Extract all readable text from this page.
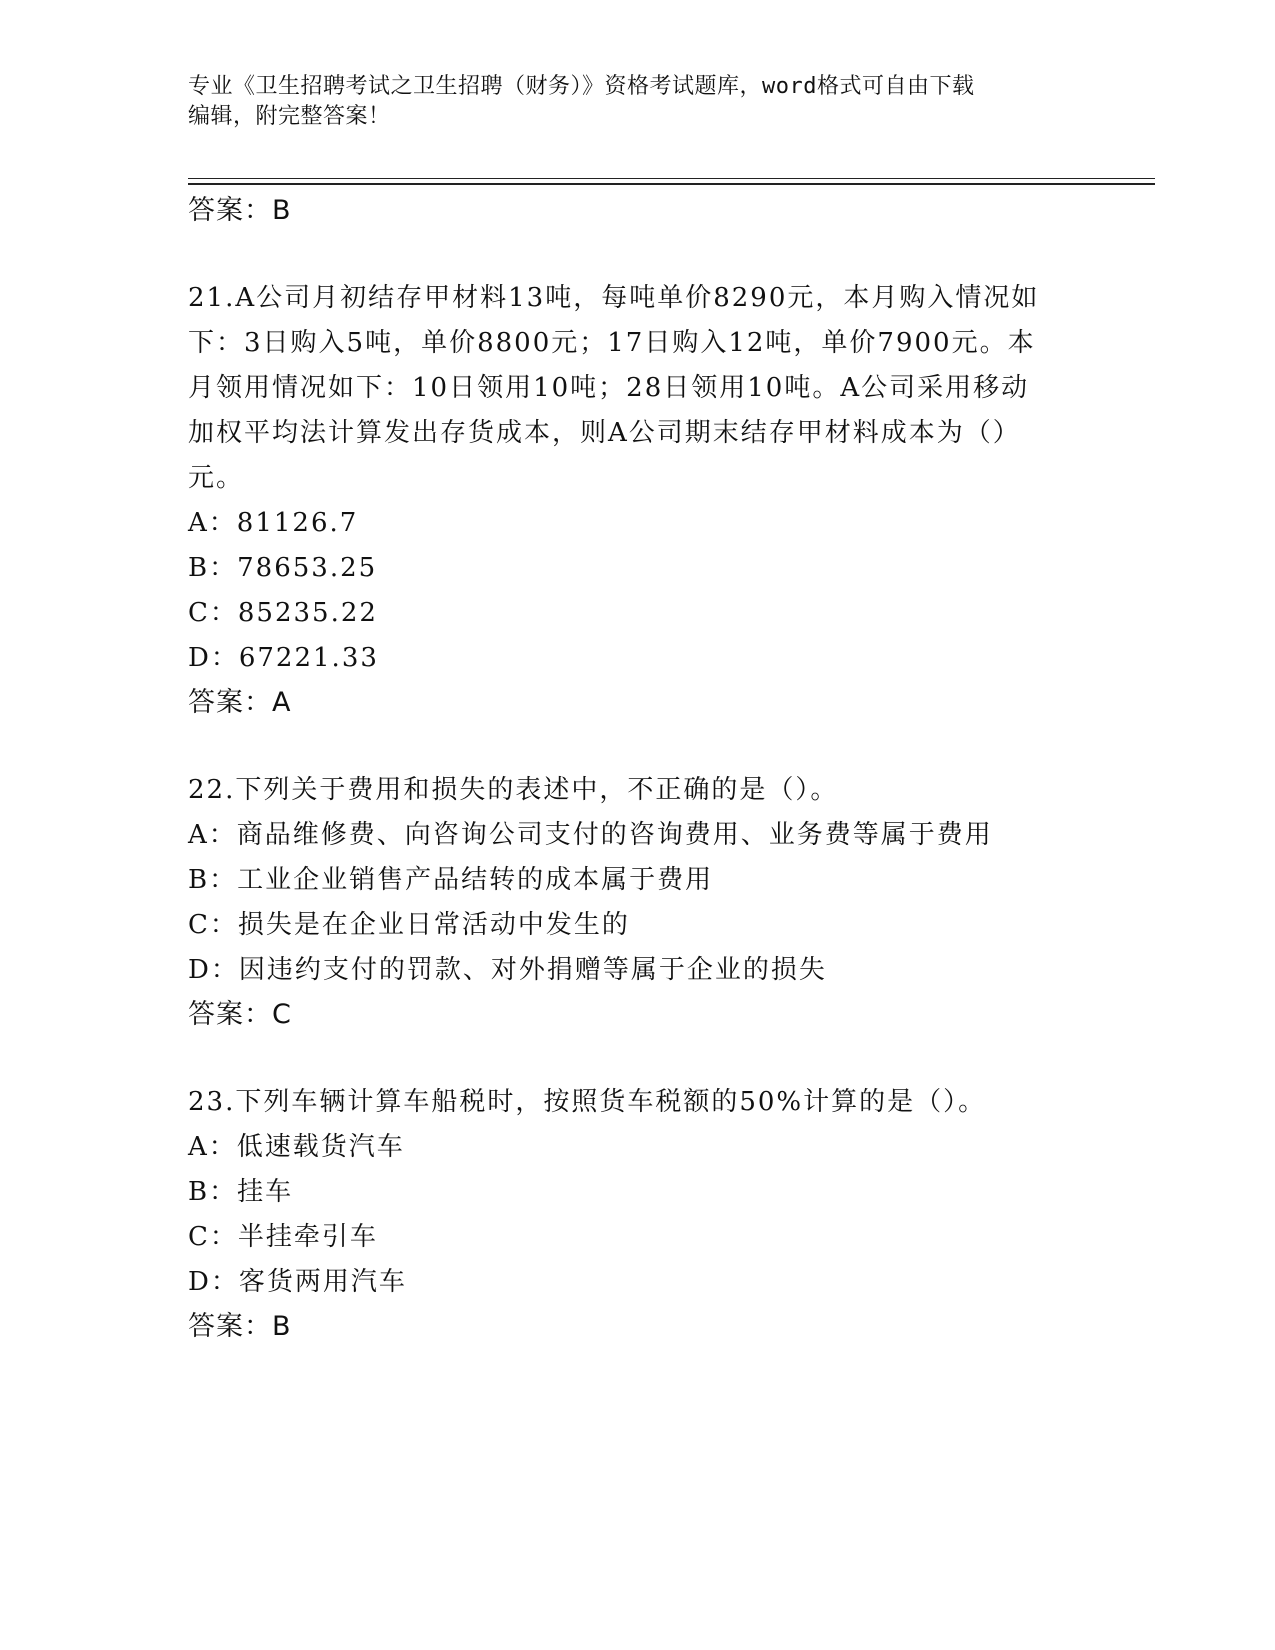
专业《卫生招聘考试之卫生招聘（财务）》资格考试题库，word格式可自由下载
编辑，附完整答案！
答案：B
21.A公司月初结存甲材料13吨，每吨单价8290元，本月购入情况如
下：3日购入5吨，单价8800元；17日购入12吨，单价7900元。本
月领用情况如下：10日领用10吨；28日领用10吨。A公司采用移动
加权平均法计算发出存货成本，则A公司期末结存甲材料成本为（）
元。
A：81126.7
B：78653.25
C：85235.22
D：67221.33
答案：A
22.下列关于费用和损失的表述中，不正确的是（）。
A：商品维修费、向咨询公司支付的咨询费用、业务费等属于费用
B：工业企业销售产品结转的成本属于费用
C：损失是在企业日常活动中发生的
D：因违约支付的罚款、对外捐赠等属于企业的损失
答案：C
23.下列车辆计算车船税时，按照货车税额的50%计算的是（）。
A：低速载货汽车
B：挂车
C：半挂牵引车
D：客货两用汽车
答案：B
